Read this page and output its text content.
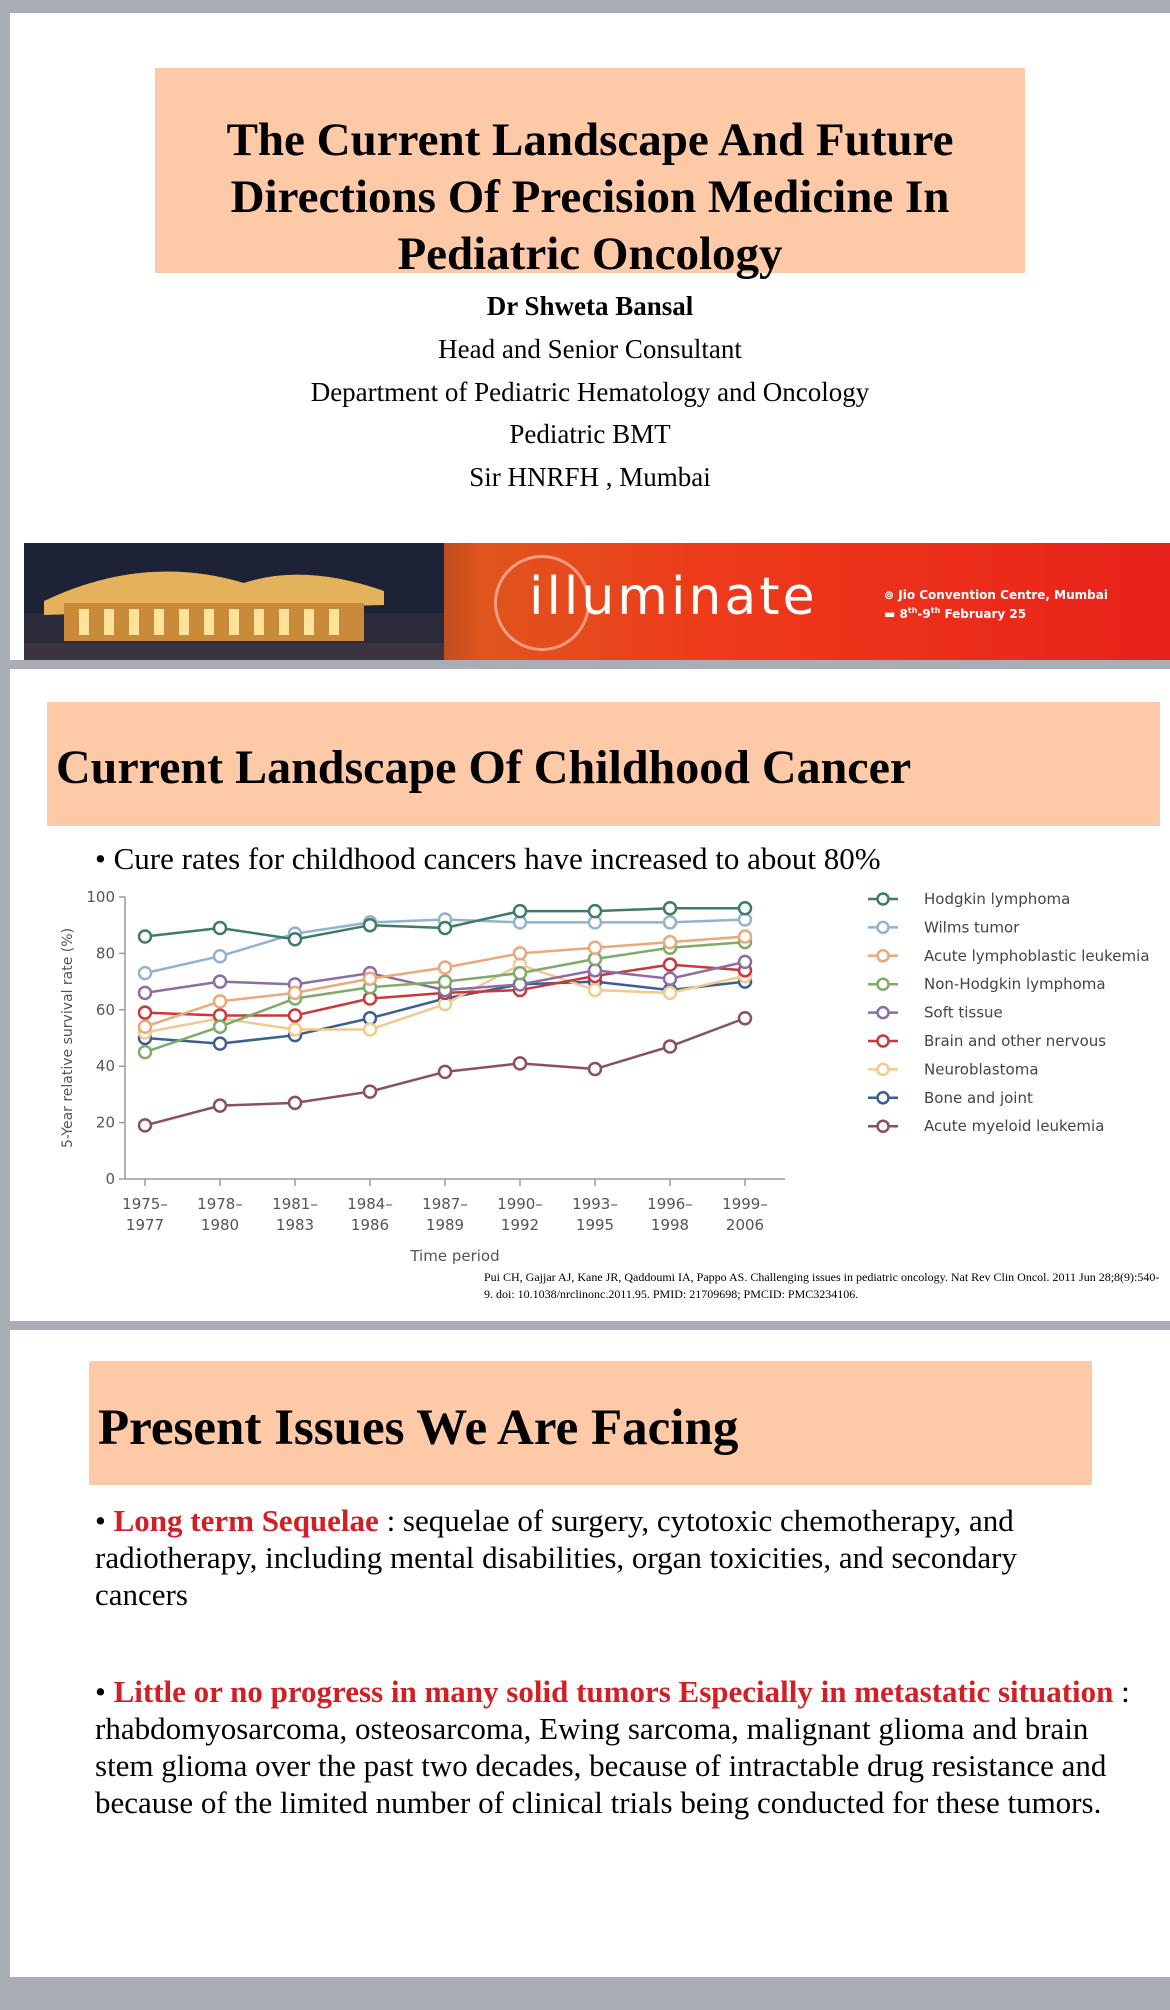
The Current Landscape And Future Directions Of Precision Medicine In Pediatric Oncology
Dr Shweta Bansal
Head and Senior Consultant
Department of Pediatric Hematology and Oncology
Pediatric BMT
Sir HNRFH , Mumbai
illuminate	⊚ Jio Convention Centre, Mumbai
▬ 8th-9th February 25
Current Landscape Of Childhood Cancer
• Cure rates for childhood cancers have increased to about 80%
0
20
40
60
80
100
1975–
1977
1978–
1980
1981–
1983
1984–
1986
1987–
1989
1990–
1992
1993–
1995
1996–
1998
1999–
2006
Time period
5-Year relative survival rate (%)
Hodgkin lymphoma
Wilms tumor
Acute lymphoblastic leukemia
Non-Hodgkin lymphoma
Soft tissue
Brain and other nervous
Neuroblastoma
Bone and joint
Acute myeloid leukemia
Pui CH, Gajjar AJ, Kane JR, Qaddoumi IA, Pappo AS. Challenging issues in pediatric oncology. Nat Rev Clin Oncol. 2011 Jun 28;8(9):540-9. doi: 10.1038/nrclinonc.2011.95. PMID: 21709698; PMCID: PMC3234106.
Present Issues We Are Facing
• Long term Sequelae : sequelae of surgery, cytotoxic chemotherapy, and radiotherapy, including mental disabilities, organ toxicities, and secondary cancers
• Little or no progress in many solid tumors Especially in metastatic situation : rhabdomyosarcoma, osteosarcoma, Ewing sarcoma, malignant glioma and brain stem glioma over the past two decades, because of intractable drug resistance and because of the limited number of clinical trials being conducted for these tumors.
